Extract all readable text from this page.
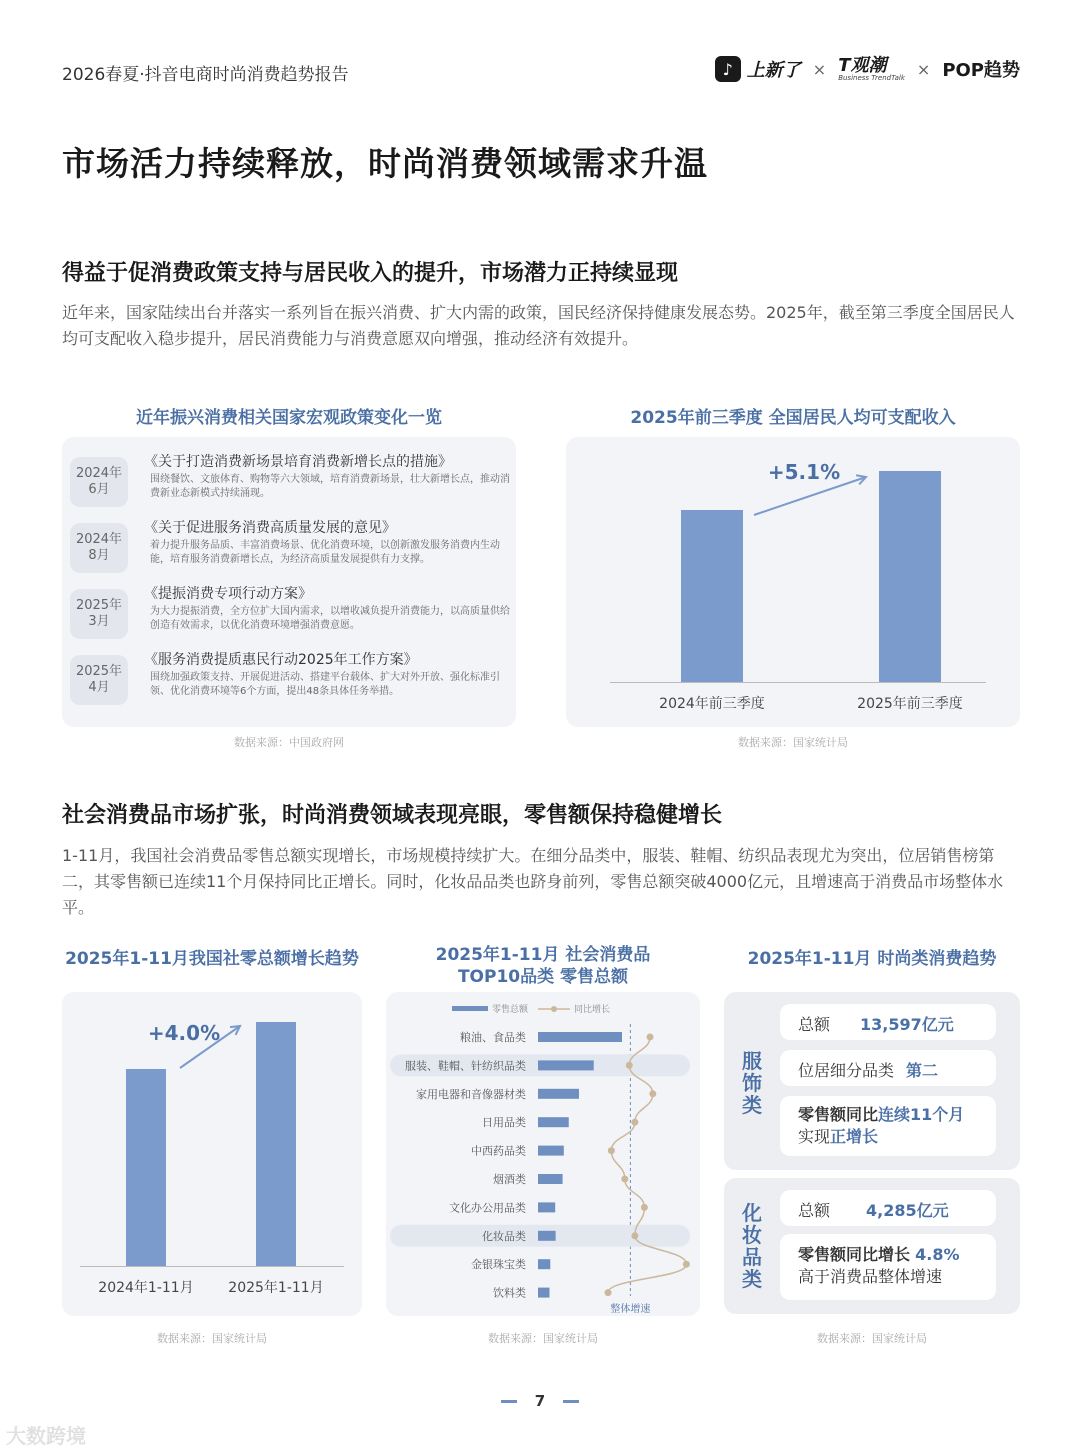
2026春夏·抖音电商时尚消费趋势报告	♪ 上新了 × T观潮
Business TrendTalk × POP趋势
市场活力持续释放，时尚消费领域需求升温
得益于促消费政策支持与居民收入的提升，市场潜力正持续显现
近年来，国家陆续出台并落实一系列旨在振兴消费、扩大内需的政策，国民经济保持健康发展态势。2025年，截至第三季度全国居民人均可支配收入稳步提升，居民消费能力与消费意愿双向增强，推动经济有效提升。
近年振兴消费相关国家宏观政策变化一览
2024年
6月
《关于打造消费新场景培育消费新增长点的措施》
围绕餐饮、文旅体育、购物等六大领域，培育消费新场景，壮大新增长点，推动消费新业态新模式持续涌现。
2024年
8月
《关于促进服务消费高质量发展的意见》
着力提升服务品质、丰富消费场景、优化消费环境，以创新激发服务消费内生动能，培育服务消费新增长点，为经济高质量发展提供有力支撑。
2025年
3月
《提振消费专项行动方案》
为大力提振消费，全方位扩大国内需求，以增收减负提升消费能力，以高质量供给创造有效需求，以优化消费环境增强消费意愿。
2025年
4月
《服务消费提质惠民行动2025年工作方案》
围绕加强政策支持、开展促进活动、搭建平台载体、扩大对外开放、强化标准引领、优化消费环境等6个方面，提出48条具体任务举措。
数据来源：中国政府网
2025年前三季度 全国居民人均可支配收入
2024年前三季度	2025年前三季度
+5.1%
数据来源：国家统计局
社会消费品市场扩张，时尚消费领域表现亮眼，零售额保持稳健增长
1-11月，我国社会消费品零售总额实现增长，市场规模持续扩大。在细分品类中，服装、鞋帽、纺织品表现尤为突出，位居销售榜第二，其零售额已连续11个月保持同比正增长。同时，化妆品品类也跻身前列，零售总额突破4000亿元，且增速高于消费品市场整体水平。
2025年1-11月我国社零总额增长趋势
2024年1-11月 2025年1-11月
+4.0%
数据来源：国家统计局
2025年1-11月 社会消费品
TOP10品类 零售总额
零售总额	同比增长
整体增速
粮油、食品类
服装、鞋帽、针纺织品类
家用电器和音像器材类
日用品类
中西药品类
烟酒类
文化办公用品类
化妆品类
金银珠宝类
饮料类
数据来源：国家统计局
2025年1-11月 时尚类消费趋势
服
饰
类
总额 13,597亿元
位居细分品类 第二
零售额同比连续11个月
实现正增长
化
妆
品
类
总额 4,285亿元
零售额同比增长 4.8%
高于消费品整体增速
数据来源：国家统计局
7
大数跨境
